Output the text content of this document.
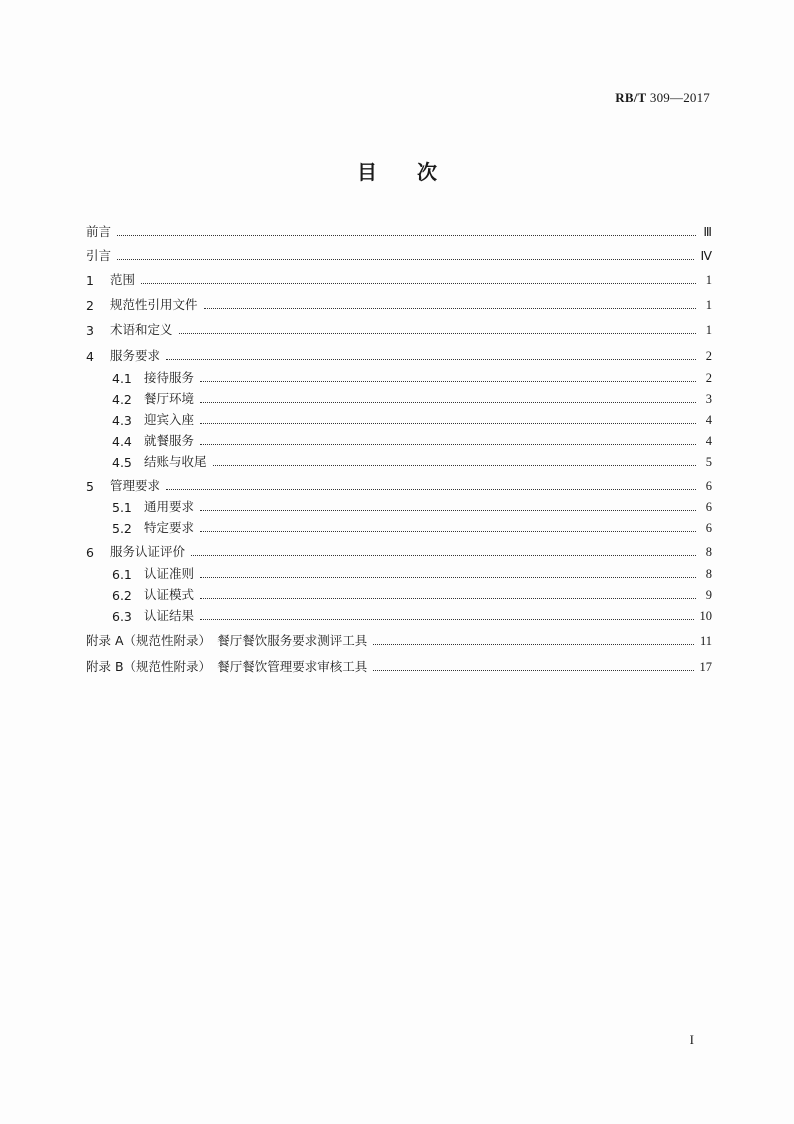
RB/T 309—2017
目次
前言	Ⅲ
引言	Ⅳ
1	范围	1
2	规范性引用文件	1
3	术语和定义	1
4	服务要求	2
4.1 接待服务	2
4.2 餐厅环境	3
4.3 迎宾入座	4
4.4 就餐服务	4
4.5 结账与收尾	5
5	管理要求	6
5.1 通用要求	6
5.2 特定要求	6
6	服务认证评价	8
6.1 认证准则	8
6.2 认证模式	9
6.3 认证结果	10
附录 A（规范性附录）　餐厅餐饮服务要求测评工具	11
附录 B（规范性附录）　餐厅餐饮管理要求审核工具	17
I
